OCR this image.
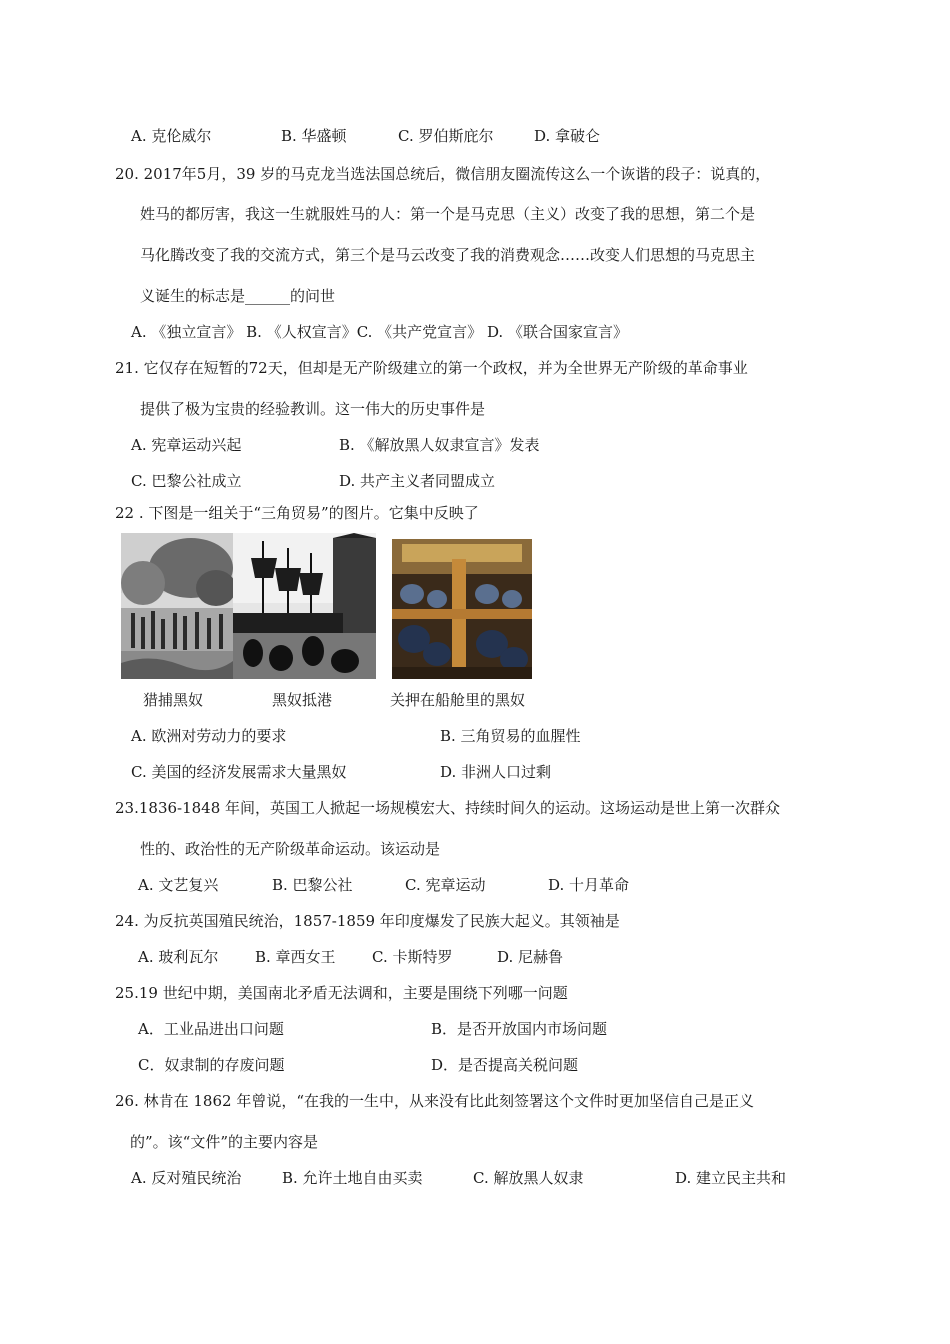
A. 克伦威尔	B. 华盛顿	C. 罗伯斯庇尔	D. 拿破仑
20. 2017年5月，39 岁的马克龙当选法国总统后，微信朋友圈流传这么一个诙谐的段子：说真的，
姓马的都厉害，我这一生就服姓马的人：第一个是马克思（主义）改变了我的思想，第二个是
马化腾改变了我的交流方式，第三个是马云改变了我的消费观念……改变人们思想的马克思主
义诞生的标志是______的问世
A. 《独立宣言》 B. 《人权宣言》C. 《共产党宣言》 D. 《联合国家宣言》
21. 它仅存在短暂的72天，但却是无产阶级建立的第一个政权，并为全世界无产阶级的革命事业
提供了极为宝贵的经验教训。这一伟大的历史事件是
A. 宪章运动兴起	B. 《解放黑人奴隶宣言》发表
C. 巴黎公社成立	D. 共产主义者同盟成立
22 . 下图是一组关于“三角贸易”的图片。它集中反映了
猎捕黑奴	黑奴抵港	关押在船舱里的黑奴
A. 欧洲对劳动力的要求	B. 三角贸易的血腥性
C. 美国的经济发展需求大量黑奴	D. 非洲人口过剩
23.1836-1848 年间，英国工人掀起一场规模宏大、持续时间久的运动。这场运动是世上第一次群众
性的、政治性的无产阶级革命运动。该运动是
A. 文艺复兴	B. 巴黎公社	C. 宪章运动	D. 十月革命
24. 为反抗英国殖民统治，1857-1859 年印度爆发了民族大起义。其领袖是
A. 玻利瓦尔 B. 章西女王 C. 卡斯特罗	D. 尼赫鲁
25.19 世纪中期，美国南北矛盾无法调和，主要是围绕下列哪一问题
A．工业品进出口问题	B．是否开放国内市场问题
C．奴隶制的存废问题	D．是否提高关税问题
26. 林肯在 1862 年曾说，“在我的一生中，从来没有比此刻签署这个文件时更加坚信自己是正义
的”。该“文件”的主要内容是
A. 反对殖民统治	B. 允许土地自由买卖	C. 解放黑人奴隶	D. 建立民主共和
